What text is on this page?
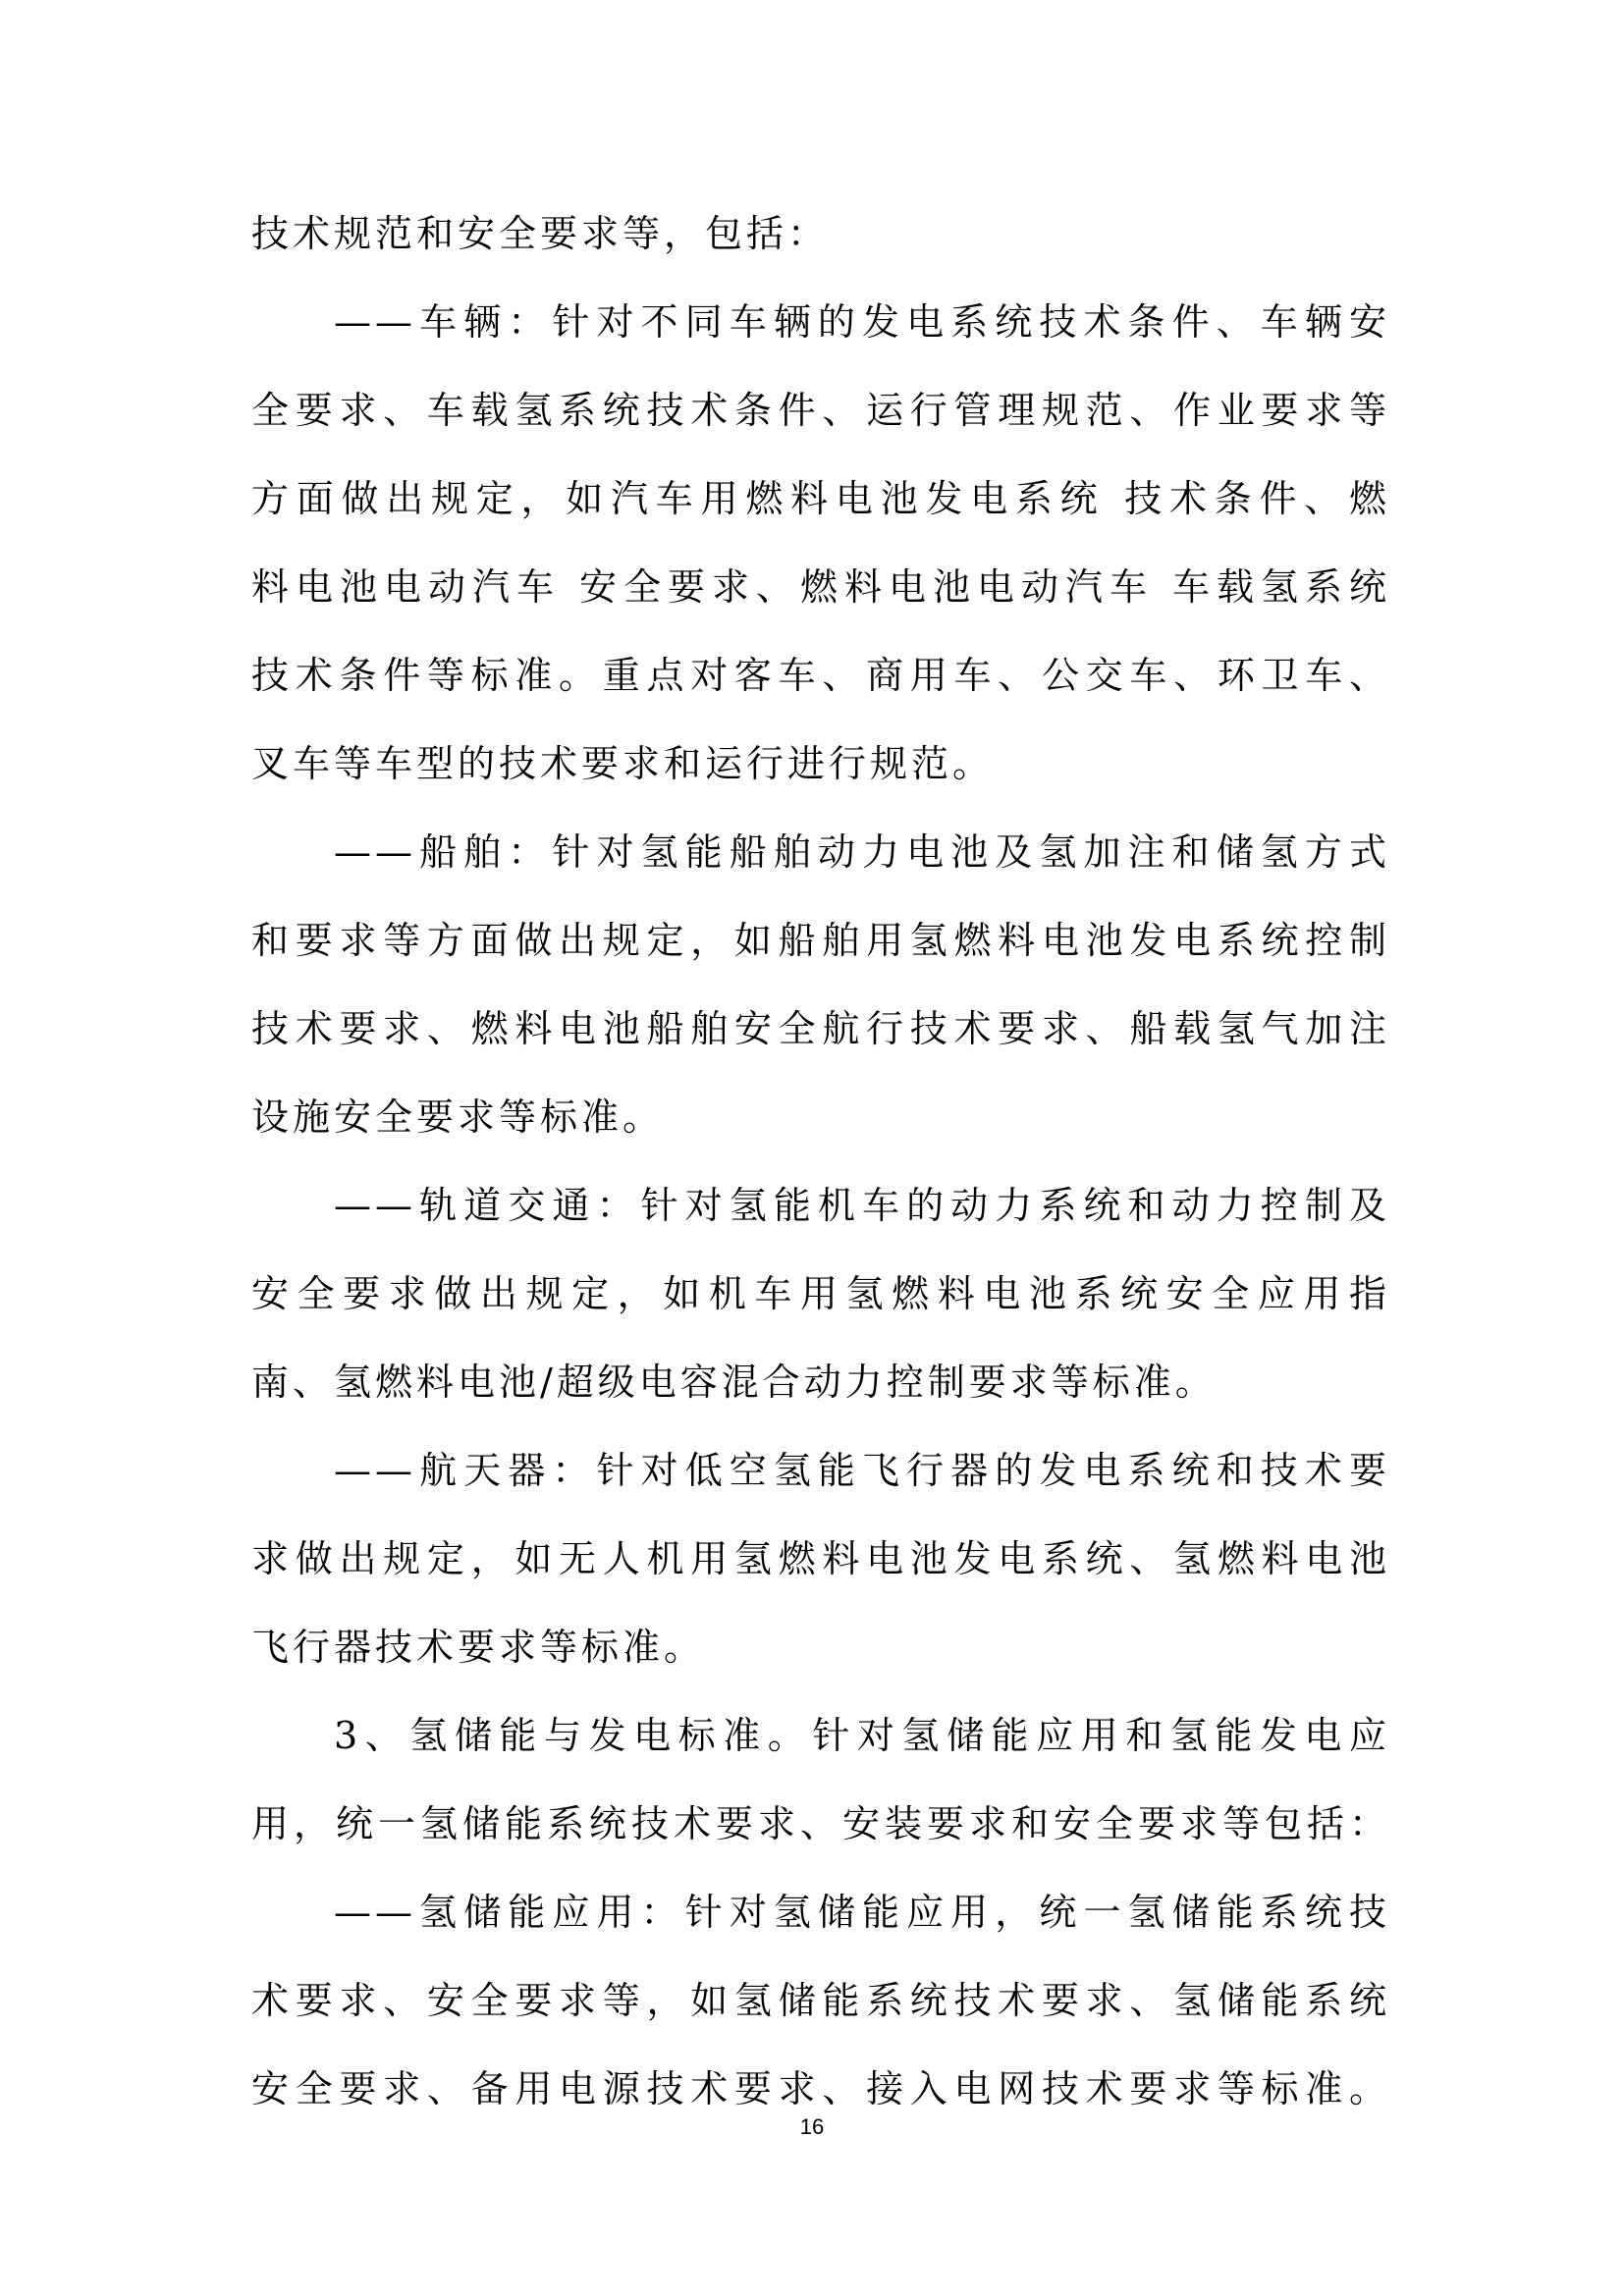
技术规范和安全要求等，包括：
——车辆：针对不同车辆的发电系统技术条件、车辆安
全要求、车载氢系统技术条件、运行管理规范、作业要求等
方面做出规定，如汽车用燃料电池发电系统 技术条件、燃
料电池电动汽车 安全要求、燃料电池电动汽车 车载氢系统
技术条件等标准。重点对客车、商用车、公交车、环卫车、
叉车等车型的技术要求和运行进行规范。
——船舶：针对氢能船舶动力电池及氢加注和储氢方式
和要求等方面做出规定，如船舶用氢燃料电池发电系统控制
技术要求、燃料电池船舶安全航行技术要求、船载氢气加注
设施安全要求等标准。
——轨道交通：针对氢能机车的动力系统和动力控制及
安全要求做出规定，如机车用氢燃料电池系统安全应用指
南、氢燃料电池/超级电容混合动力控制要求等标准。
——航天器：针对低空氢能飞行器的发电系统和技术要
求做出规定，如无人机用氢燃料电池发电系统、氢燃料电池
飞行器技术要求等标准。
3、氢储能与发电标准。针对氢储能应用和氢能发电应
用，统一氢储能系统技术要求、安装要求和安全要求等包括：
——氢储能应用：针对氢储能应用，统一氢储能系统技
术要求、安全要求等，如氢储能系统技术要求、氢储能系统
安全要求、备用电源技术要求、接入电网技术要求等标准。
16
